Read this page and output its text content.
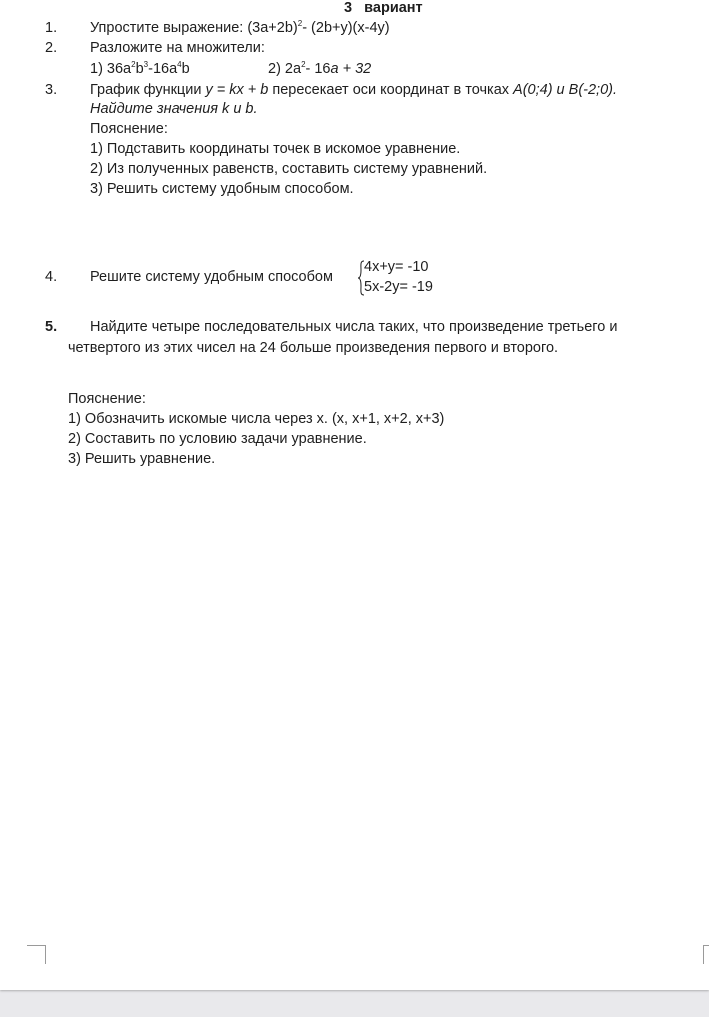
3 вариант
1. Упростите выражение: $(3a+2b)^2-$ (2b+y)(x-4y)
2. Разложите на множители:
1) $36a^2b^3-16a^4b$	2) $2a^2-$ 16a + 32
3. График функции y = kx + b пересекает оси координат в точках A(0;4) и B(-2;0).
Найдите значения k и b.
Пояснение:
1) Подставить координаты точек в искомое уравнение.
2) Из полученных равенств, составить систему уравнений.
3) Решить систему удобным способом.
4. Решите систему удобным способом
4x+y= -10
5x-2y= -19
5. Найдите четыре последовательных числа таких, что произведение третьего и
четвертого из этих чисел на 24 больше произведения первого и второго.
Пояснение:
1) Обозначить искомые числа через x. (x, x+1, x+2, x+3)
2) Составить по условию задачи уравнение.
3) Решить уравнение.
